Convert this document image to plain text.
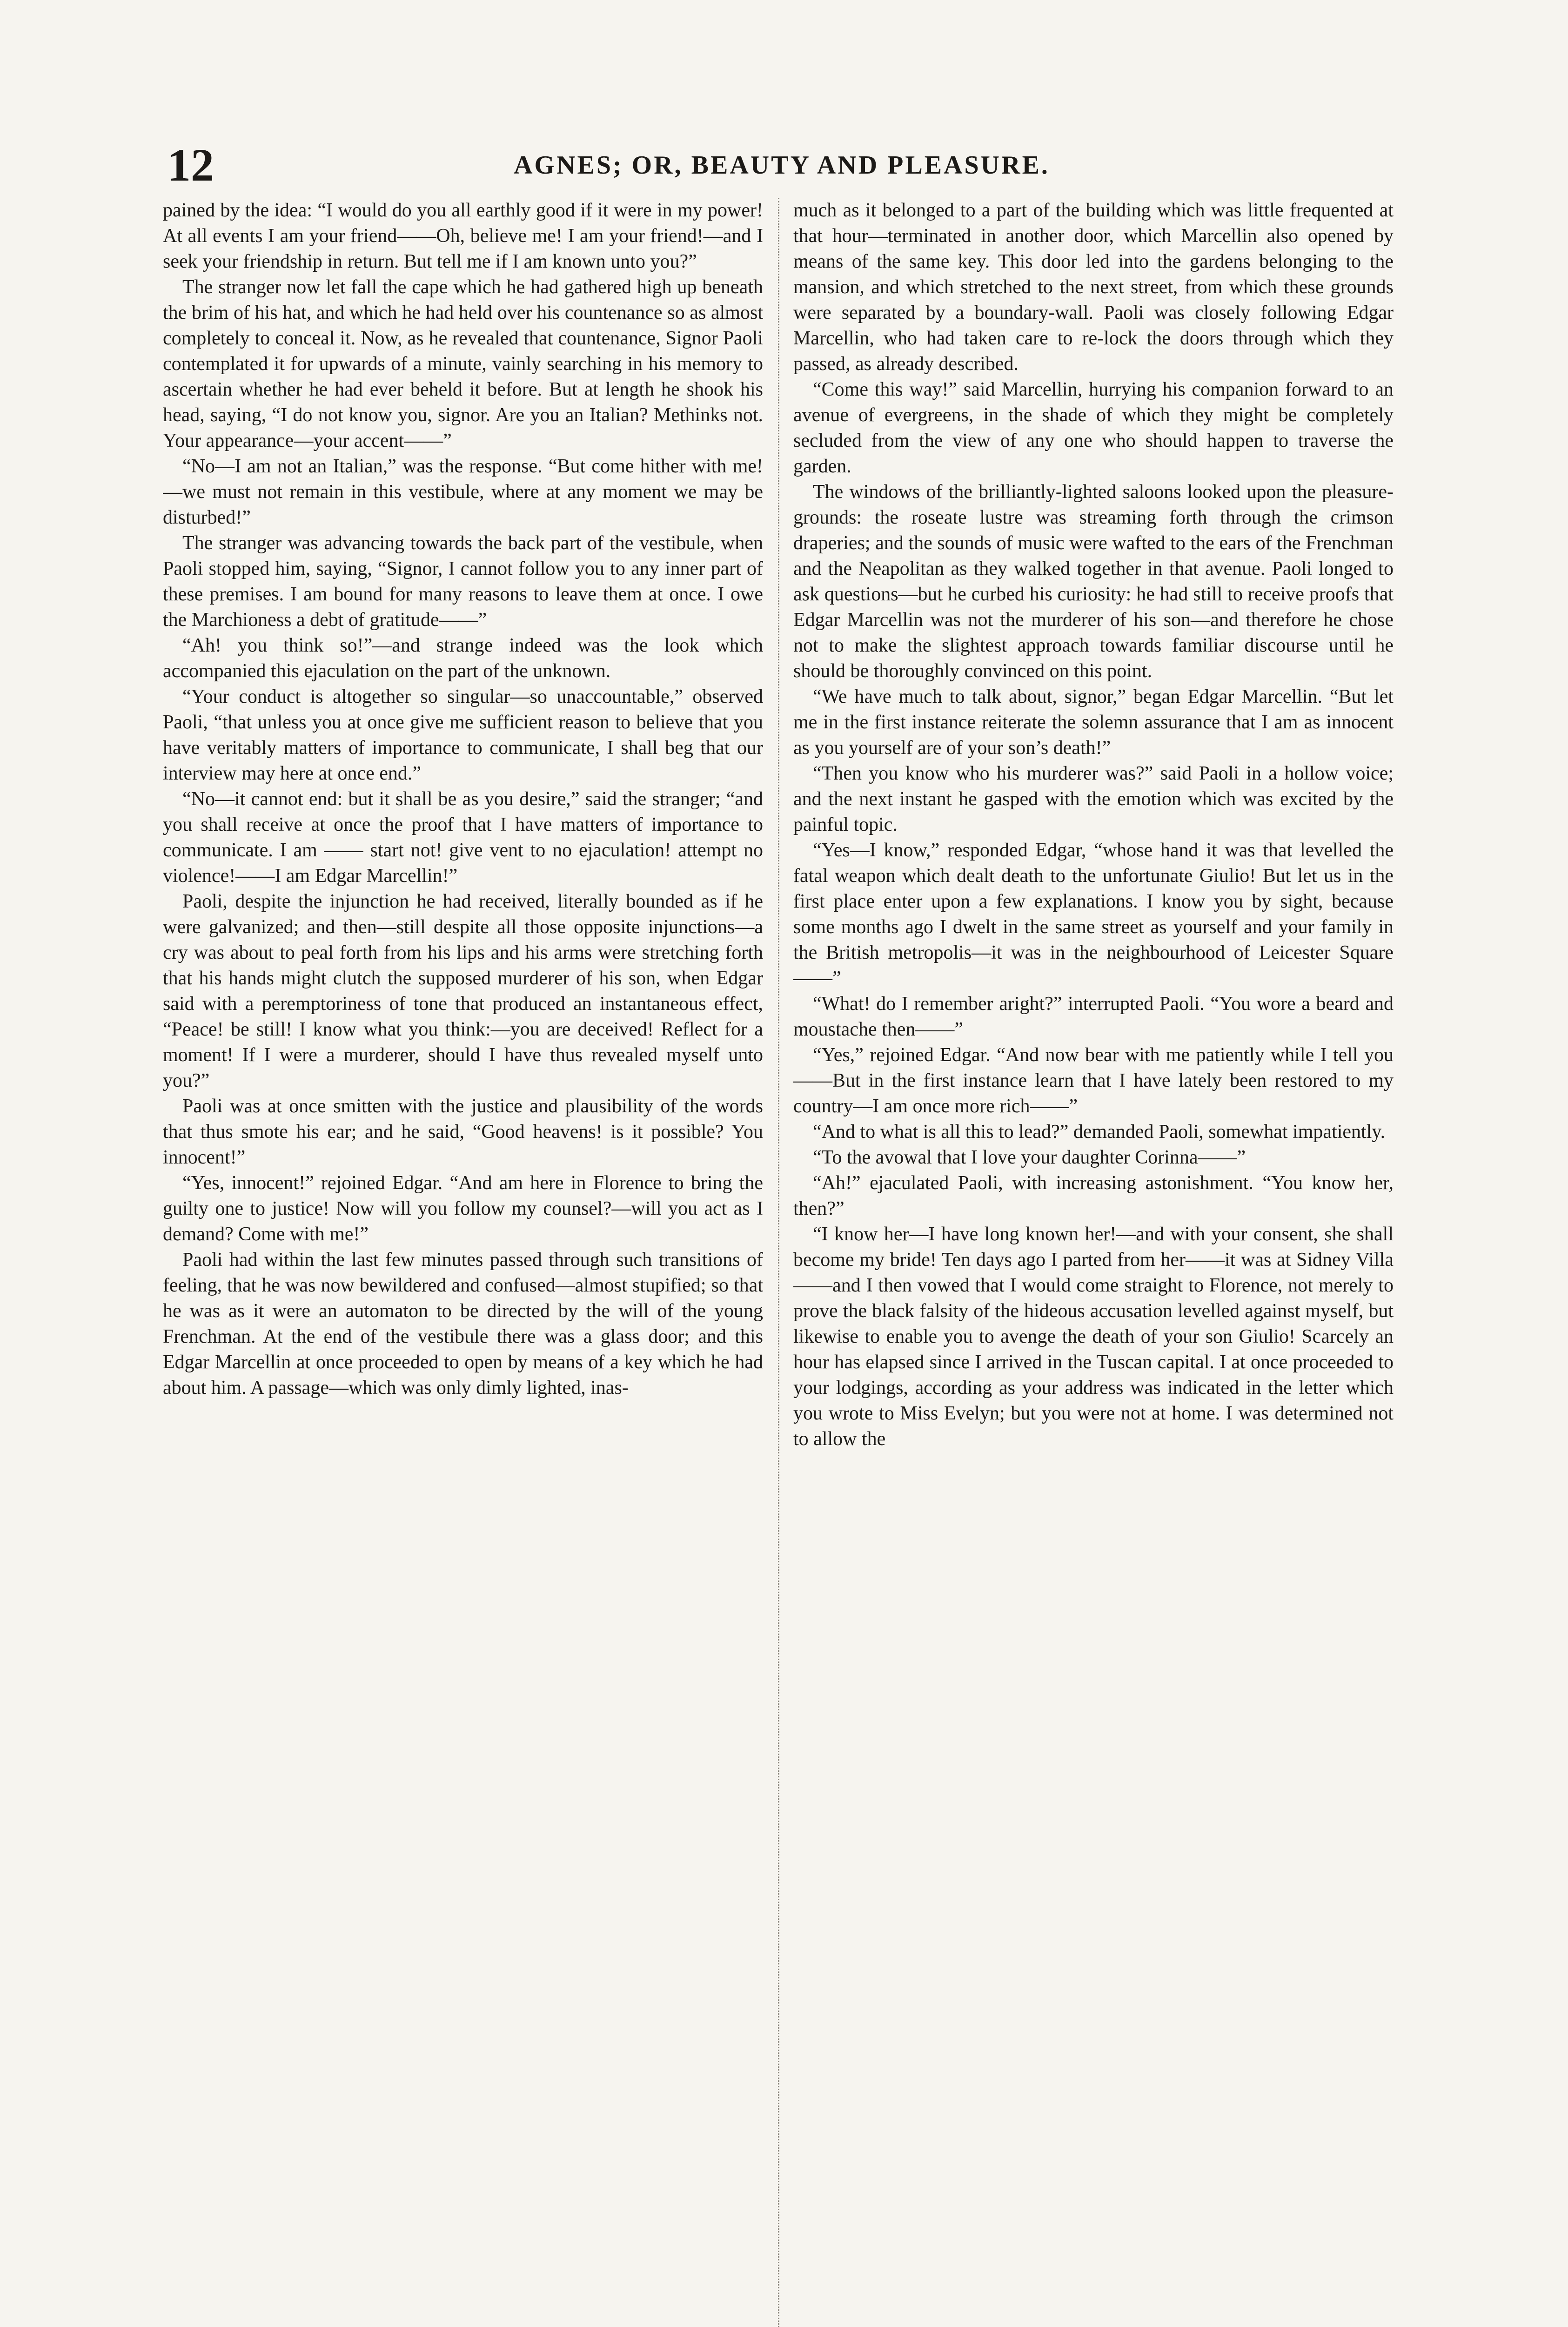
12	AGNES; OR, BEAUTY AND PLEASURE.

pained by the idea: “I would do you all earthly good if it were in my power! At all events I am your friend——Oh, believe me! I am your friend!—and I seek your friendship in return. But tell me if I am known unto you?”

The stranger now let fall the cape which he had gathered high up beneath the brim of his hat, and which he had held over his countenance so as almost completely to conceal it. Now, as he revealed that countenance, Signor Paoli contemplated it for upwards of a minute, vainly searching in his memory to ascertain whether he had ever beheld it before. But at length he shook his head, saying, “I do not know you, signor. Are you an Italian? Methinks not. Your appearance—your accent——”

“No—I am not an Italian,” was the response. “But come hither with me!—we must not remain in this vestibule, where at any moment we may be disturbed!”

The stranger was advancing towards the back part of the vestibule, when Paoli stopped him, saying, “Signor, I cannot follow you to any inner part of these premises. I am bound for many reasons to leave them at once. I owe the Marchioness a debt of gratitude——”

“Ah! you think so!”—and strange indeed was the look which accompanied this ejaculation on the part of the unknown.

“Your conduct is altogether so singular—so unaccountable,” observed Paoli, “that unless you at once give me sufficient reason to believe that you have veritably matters of importance to communicate, I shall beg that our interview may here at once end.”

“No—it cannot end: but it shall be as you desire,” said the stranger; “and you shall receive at once the proof that I have matters of importance to communicate. I am —— start not! give vent to no ejaculation! attempt no violence!——I am Edgar Marcellin!”

Paoli, despite the injunction he had received, literally bounded as if he were galvanized; and then—still despite all those opposite injunctions—a cry was about to peal forth from his lips and his arms were stretching forth that his hands might clutch the supposed murderer of his son, when Edgar said with a peremptoriness of tone that produced an instantaneous effect, “Peace! be still! I know what you think:—you are deceived! Reflect for a moment! If I were a murderer, should I have thus revealed myself unto you?”

Paoli was at once smitten with the justice and plausibility of the words that thus smote his ear; and he said, “Good heavens! is it possible? You innocent!”

“Yes, innocent!” rejoined Edgar. “And am here in Florence to bring the guilty one to justice! Now will you follow my counsel?—will you act as I demand? Come with me!”

Paoli had within the last few minutes passed through such transitions of feeling, that he was now bewildered and confused—almost stupified; so that he was as it were an automaton to be directed by the will of the young Frenchman. At the end of the vestibule there was a glass door; and this Edgar Marcellin at once proceeded to open by means of a key which he had about him. A passage—which was only dimly lighted, inas-

much as it belonged to a part of the building which was little frequented at that hour—terminated in another door, which Marcellin also opened by means of the same key. This door led into the gardens belonging to the mansion, and which stretched to the next street, from which these grounds were separated by a boundary-wall. Paoli was closely following Edgar Marcellin, who had taken care to re-lock the doors through which they passed, as already described.

“Come this way!” said Marcellin, hurrying his companion forward to an avenue of evergreens, in the shade of which they might be completely secluded from the view of any one who should happen to traverse the garden.

The windows of the brilliantly-lighted saloons looked upon the pleasure-grounds: the roseate lustre was streaming forth through the crimson draperies; and the sounds of music were wafted to the ears of the Frenchman and the Neapolitan as they walked together in that avenue. Paoli longed to ask questions—but he curbed his curiosity: he had still to receive proofs that Edgar Marcellin was not the murderer of his son—and therefore he chose not to make the slightest approach towards familiar discourse until he should be thoroughly convinced on this point.

“We have much to talk about, signor,” began Edgar Marcellin. “But let me in the first instance reiterate the solemn assurance that I am as innocent as you yourself are of your son’s death!”

“Then you know who his murderer was?” said Paoli in a hollow voice; and the next instant he gasped with the emotion which was excited by the painful topic.

“Yes—I know,” responded Edgar, “whose hand it was that levelled the fatal weapon which dealt death to the unfortunate Giulio! But let us in the first place enter upon a few explanations. I know you by sight, because some months ago I dwelt in the same street as yourself and your family in the British metropolis—it was in the neighbourhood of Leicester Square——”

“What! do I remember aright?” interrupted Paoli. “You wore a beard and moustache then——”

“Yes,” rejoined Edgar. “And now bear with me patiently while I tell you——But in the first instance learn that I have lately been restored to my country—I am once more rich——”

“And to what is all this to lead?” demanded Paoli, somewhat impatiently.

“To the avowal that I love your daughter Corinna——”

“Ah!” ejaculated Paoli, with increasing astonishment. “You know her, then?”

“I know her—I have long known her!—and with your consent, she shall become my bride! Ten days ago I parted from her——it was at Sidney Villa——and I then vowed that I would come straight to Florence, not merely to prove the black falsity of the hideous accusation levelled against myself, but likewise to enable you to avenge the death of your son Giulio! Scarcely an hour has elapsed since I arrived in the Tuscan capital. I at once proceeded to your lodgings, according as your address was indicated in the letter which you wrote to Miss Evelyn; but you were not at home. I was determined not to allow the
